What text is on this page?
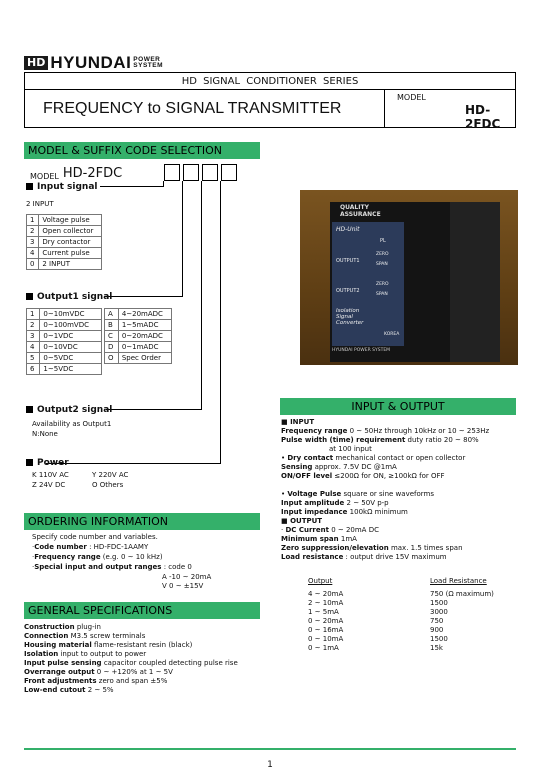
HD HYUNDAI POWER
SYSTEM
HD SIGNAL CONDITIONER SERIES
FREQUENCY to SIGNAL TRANSMITTER
MODEL
HD-2FDC
MODEL & SUFFIX CODE SELECTION
MODEL HD-2FDC
Input signal
2 INPUT
1	Voltage pulse
2	Open collector
3	Dry contactor
4	Current pulse
0	2 INPUT
Output1 signal
1	0~10mVDC
2	0~100mVDC
3	0~1VDC
4	0~10VDC
5	0~5VDC
6	1~5VDC
A	4~20mADC
B	1~5mADC
C	0~20mADC
D	0~1mADC
O	Spec Order
Output2 signal
Availability as Output1
N:None
Power
K 110V AC	Y 220V AC
Z 24V DC	O Others
ORDERING INFORMATION
Specify code number and variables.
·Code number : HD-FDC-1AAMY
·Frequency range (e.g. 0 ~ 10 kHz)
·Special input and output ranges : code 0
A -10 ~ 20mA
V 0 ~ ±15V
GENERAL SPECIFICATIONS
Construction plug-in
Connection M3.5 screw terminals
Housing material flame-resistant resin (black)
Isolation input to output to power
Input pulse sensing capacitor coupled detecting pulse rise
Overrange output 0 ~ +120% at 1 ~ 5V
Front adjustments zero and span ±5%
Low-end cutout 2 ~ 5%
QUALITY ASSURANCE
HD-Unit
PL
OUTPUT1
ZERO
SPAN
OUTPUT2
ZERO
SPAN
Isolation
Signal
Converter
KOREA
HYUNDAI POWER SYSTEM
INPUT & OUTPUT
■ INPUT
Frequency range 0 ~ 50Hz through 10kHz or 10 ~ 253Hz
Pulse width (time) requirement duty ratio 20 ~ 80%
at 100 input
• Dry contact mechanical contact or open collector
Sensing approx. 7.5V DC @1mA
ON/OFF level ≤200Ω for ON, ≥100kΩ for OFF
• Voltage Pulse square or sine waveforms
Input amplitude 2 ~ 50V p-p
Input impedance 100kΩ minimum
■ OUTPUT
· DC Current 0 ~ 20mA DC
Minimum span 1mA
Zero suppression/elevation max. 1.5 times span
Load resistance : output drive 15V maximum
Output	Load Resistance
4 ~ 20mA	750 (Ω maximum)
2 ~ 10mA	1500
1 ~ 5mA	3000
0 ~ 20mA	750
0 ~ 16mA	900
0 ~ 10mA	1500
0 ~ 1mA	15k
1
